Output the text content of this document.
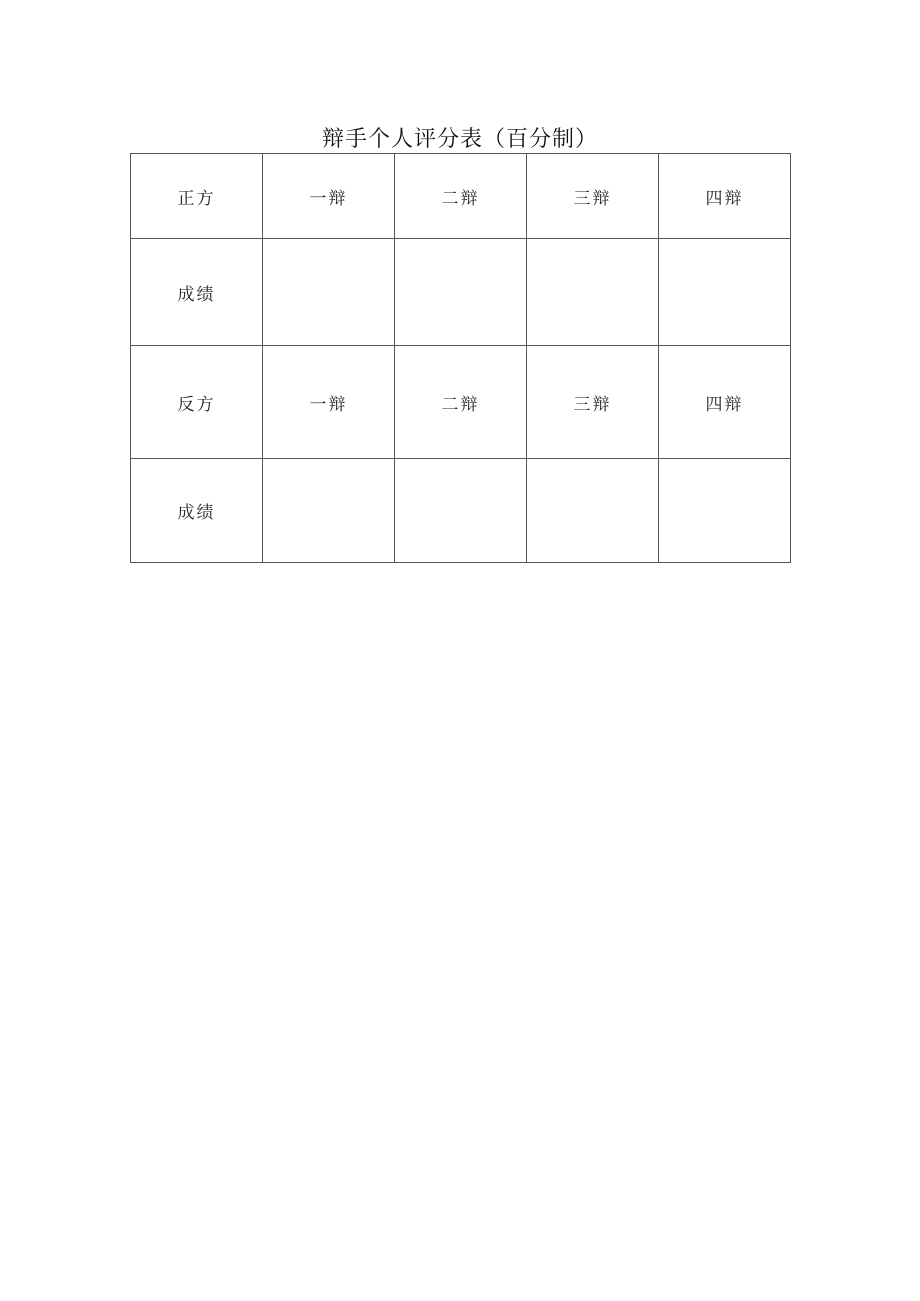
辩手个人评分表（百分制）
正方	一辩	二辩	三辩	四辩
成绩				
反方	一辩	二辩	三辩	四辩
成绩				
